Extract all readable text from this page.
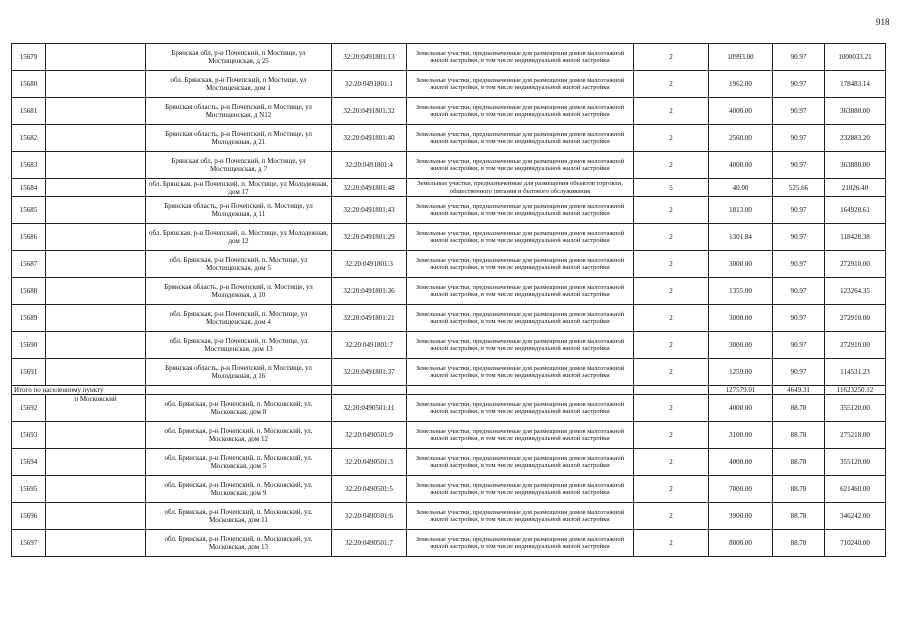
918
15679		Брянская обл, р-н Почепский, п Мостище, ул Мостищенская, д 25	32:20:0491801:13	Земельные участки, предназначенные для размещения домов малоэтажной жилой застройки, в том числе индивидуальной жилой застройки	2	10993.00	90.97	1000033.21
15680		обл. Брянская, р-н Почепский, п Мостище, ул Мостищенская, дом 1	32:20:0491801:1	Земельные участки, предназначенные для размещения домов малоэтажной жилой застройки, в том числе индивидуальной жилой застройки	2	1962.00	90.97	178483.14
15681		Брянская область, р-н Почепский, п Мостище, ул Мостищенская, д N12	32:20:0491801:32	Земельные участки, предназначенные для размещения домов малоэтажной жилой застройки, в том числе индивидуальной жилой застройки	2	4000.00	90.97	363880.00
15682		Брянская область, р-н Почепский, п Мостище, ул Молодежная, д 21	32:20:0491801:40	Земельные участки, предназначенные для размещения домов малоэтажной жилой застройки, в том числе индивидуальной жилой застройки	2	2560.00	90.97	232883.20
15683		Брянская обл, р-н Почепский, п Мостище, ул Мостищенская, д 7	32:20:0491801:4	Земельные участки, предназначенные для размещения домов малоэтажной жилой застройки, в том числе индивидуальной жилой застройки	2	4000.00	90.97	363880.00
15684		обл. Брянская, р-н Почепский, п. Мостище, ул Молодежная, дом 17	32:20:0491801:48	Земельные участки, предназначенные для размещения объектов торговли, общественного питания и бытового обслуживания	5	40.00	525.66	21026.40
15685		Брянская область, р-н Почепский, п. Мостище, ул Молодежная, д 11	32:20:0491801:43	Земельные участки, предназначенные для размещения домов малоэтажной жилой застройки, в том числе индивидуальной жилой застройки	2	1813.00	90.97	164928.61
15686		обл. Брянская, р-н Почепский, п. Мостище, ул Молодежная, дом 12	32:20:0491801:29	Земельные участки, предназначенные для размещения домов малоэтажной жилой застройки, в том числе индивидуальной жилой застройки	2	1301.84	90.97	118428.38
15687		обл. Брянская, р-н Почепский, п. Мостище, ул Мостищенская, дом 5	32:20:0491801:3	Земельные участки, предназначенные для размещения домов малоэтажной жилой застройки, в том числе индивидуальной жилой застройки	2	3000.00	90.97	272910.00
15688		Брянская область, р-н Почепский, п. Мостище, ул Молодежная, д 10	32:20:0491801:36	Земельные участки, предназначенные для размещения домов малоэтажной жилой застройки, в том числе индивидуальной жилой застройки	2	1355.00	90.97	123264.35
15689		обл. Брянская, р-н Почепский, п. Мостище, ул Мостищенская, дом 4	32:20:0491801:21	Земельные участки, предназначенные для размещения домов малоэтажной жилой застройки, в том числе индивидуальной жилой застройки	2	3000.00	90.97	272910.00
15690		обл. Брянская, р-н Почепский, п. Мостище, ул Мостищенская, дом 13	32:20:0491801:7	Земельные участки, предназначенные для размещения домов малоэтажной жилой застройки, в том числе индивидуальной жилой застройки	2	3000.00	90.97	272910.00
15691		Брянская область, р-н Почепский, п Мостище, ул Молодежная, д 16	32:20:0491801:37	Земельные участки, предназначенные для размещения домов малоэтажной жилой застройки, в том числе индивидуальной жилой застройки	2	1259.00	90.97	114531.23
Итого по населенному пункту						127579.01	4649.31	11623250.12
15692	п Московский	обл. Брянская, р-н Почепский, п. Московский, ул. Московская, дом 8	32:20:0490501:11	Земельные участки, предназначенные для размещения домов малоэтажной жилой застройки, в том числе индивидуальной жилой застройки	2	4000.00	88.78	355120.00
15693		обл. Брянская, р-н Почепский, п. Московский, ул. Московская, дом 12	32:20:0490501:9	Земельные участки, предназначенные для размещения домов малоэтажной жилой застройки, в том числе индивидуальной жилой застройки	2	3100.00	88.78	275218.00
15694		обл. Брянская, р-н Почепский, п. Московский, ул. Московская, дом 5	32:20:0490501:3	Земельные участки, предназначенные для размещения домов малоэтажной жилой застройки, в том числе индивидуальной жилой застройки	2	4000.00	88.78	355120.00
15695		обл. Брянская, р-н Почепский, п. Московский, ул. Московская, дом 9	32:20:0490501:5	Земельные участки, предназначенные для размещения домов малоэтажной жилой застройки, в том числе индивидуальной жилой застройки	2	7000.00	88.78	621460.00
15696		обл. Брянская, р-н Почепский, п. Московский, ул. Московская, дом 11	32:20:0490501:6	Земельные участки, предназначенные для размещения домов малоэтажной жилой застройки, в том числе индивидуальной жилой застройки	2	3900.00	88.78	346242.00
15697		обл. Брянская, р-н Почепский, п. Московский, ул. Московская, дом 13	32:20:0490501:7	Земельные участки, предназначенные для размещения домов малоэтажной жилой застройки, в том числе индивидуальной жилой застройки	2	8000.00	88.78	710240.00
